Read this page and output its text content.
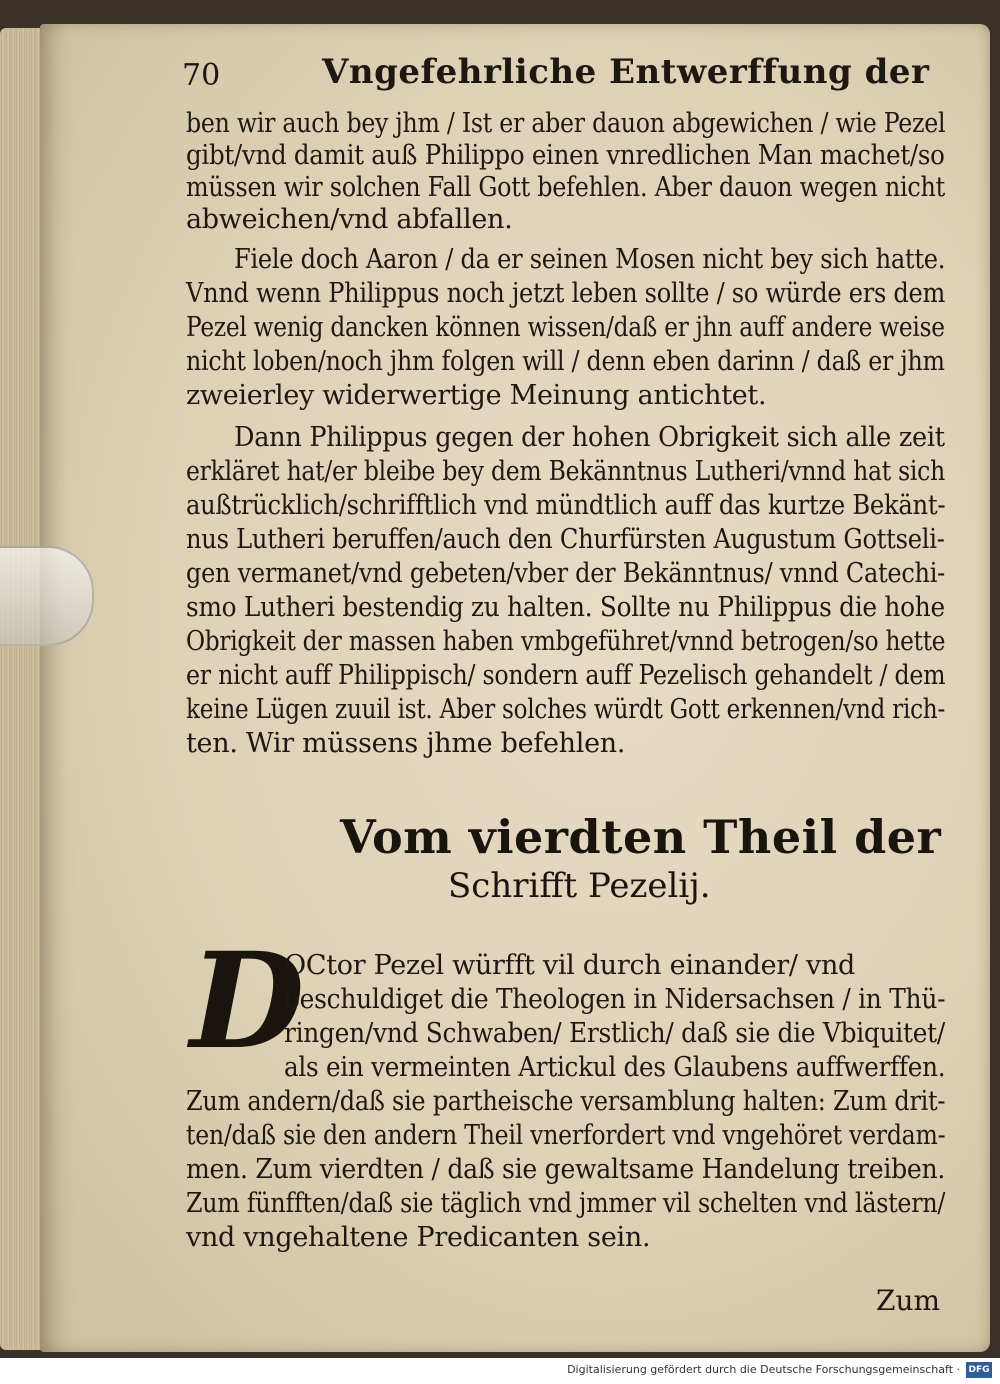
70	Vngefehrliche Entwerffung der
ben wir auch bey jhm / Ist er aber dauon abgewichen / wie Pezel
gibt/vnd damit auß Philippo einen vnredlichen Man machet/so
müssen wir solchen Fall Gott befehlen. Aber dauon wegen nicht
abweichen/vnd abfallen.
Fiele doch Aaron / da er seinen Mosen nicht bey sich hatte.
Vnnd wenn Philippus noch jetzt leben sollte / so würde ers dem
Pezel wenig dancken können wissen/daß er jhn auff andere weise
nicht loben/noch jhm folgen will / denn eben darinn / daß er jhm
zweierley widerwertige Meinung antichtet.
Dann Philippus gegen der hohen Obrigkeit sich alle zeit
erkläret hat/er bleibe bey dem Bekänntnus Lutheri/vnnd hat sich
außtrücklich/schrifftlich vnd mündtlich auff das kurtze Bekänt-
nus Lutheri beruffen/auch den Churfürsten Augustum Gottseli-
gen vermanet/vnd gebeten/vber der Bekänntnus/ vnnd Catechi-
smo Lutheri bestendig zu halten. Sollte nu Philippus die hohe
Obrigkeit der massen haben vmbgeführet/vnnd betrogen/so hette
er nicht auff Philippisch/ sondern auff Pezelisch gehandelt / dem
keine Lügen zuuil ist. Aber solches würdt Gott erkennen/vnd rich-
ten. Wir müssens jhme befehlen.
Vom vierdten Theil der
Schrifft Pezelij.
D
OCtor Pezel würfft vil durch einander/ vnd
beschuldiget die Theologen in Nidersachsen / in Thü-
ringen/vnd Schwaben/ Erstlich/ daß sie die Vbiquitet/
als ein vermeinten Artickul des Glaubens auffwerffen.
Zum andern/daß sie partheische versamblung halten: Zum drit-
ten/daß sie den andern Theil vnerfordert vnd vngehöret verdam-
men. Zum vierdten / daß sie gewaltsame Handelung treiben.
Zum fünfften/daß sie täglich vnd jmmer vil schelten vnd lästern/
vnd vngehaltene Predicanten sein.
Zum
Digitalisierung gefördert durch die Deutsche Forschungsgemeinschaft · DFG
